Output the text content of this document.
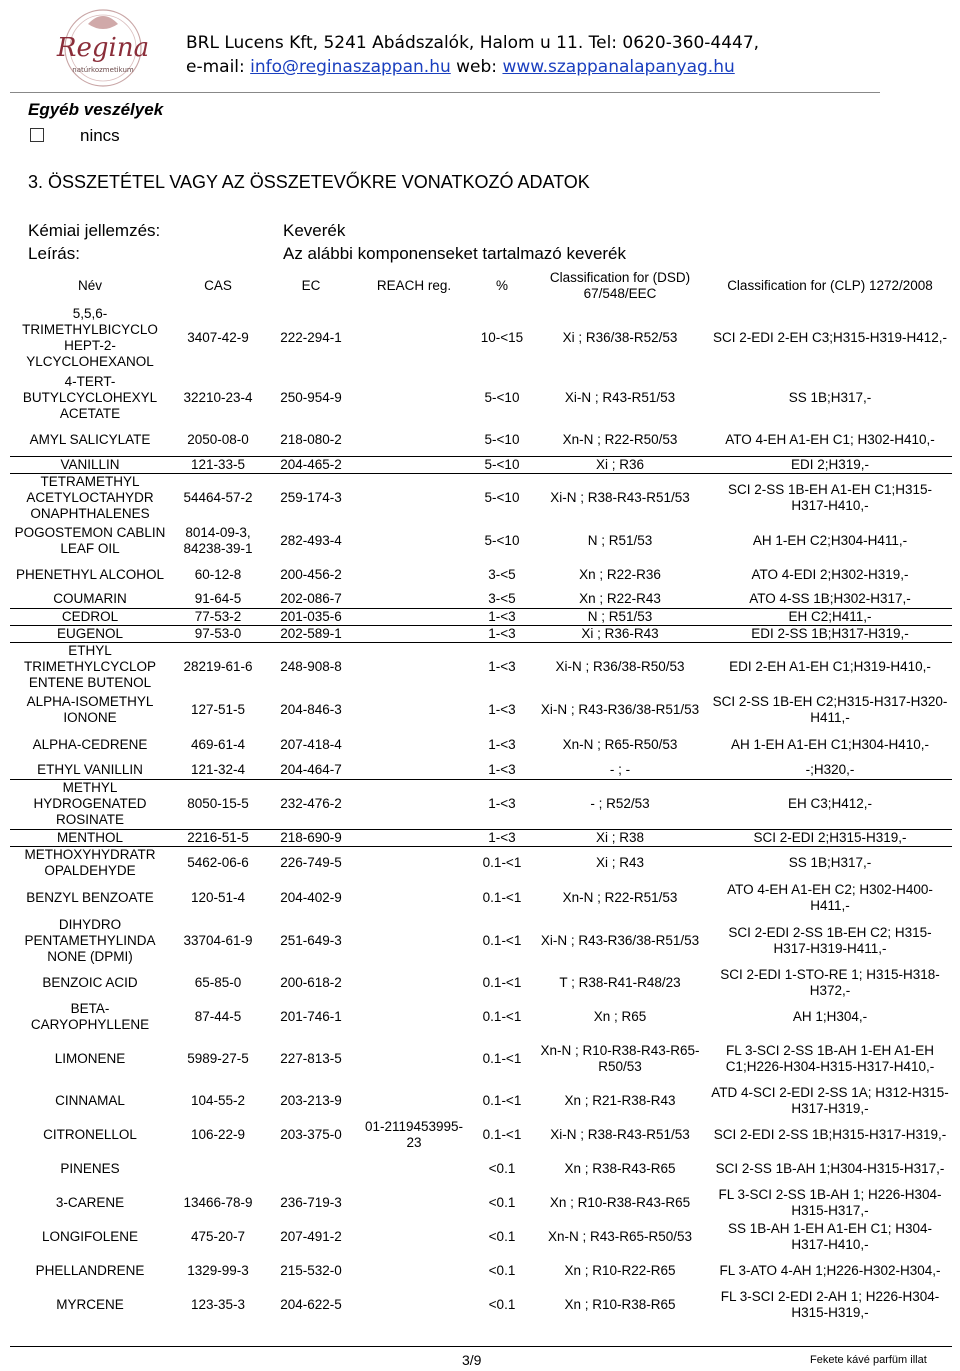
Regina
natúrkozmetikum
BRL Lucens Kft, 5241 Abádszalók, Halom u 11. Tel: 0620-360-4447,
e-mail: info@reginaszappan.hu web: www.szappanalapanyag.hu
Egyéb veszélyek
nincs
3. ÖSSZETÉTEL VAGY AZ ÖSSZETEVŐKRE VONATKOZÓ ADATOK
Kémiai jellemzés:	Keverék
Leírás:	Az alábbi komponenseket tartalmazó keverék
Név	CAS	EC	REACH reg.	%	Classification for (DSD) 67/548/EEC	Classification for (CLP) 1272/2008
5,5,6-TRIMETHYLBICYCLO HEPT-2-YLCYCLOHEXANOL	3407-42-9	222-294-1		10-<15	Xi ; R36/38-R52/53	SCI 2-EDI 2-EH C3;H315-H319-H412,-
4-TERT-BUTYLCYCLOHEXYL ACETATE	32210-23-4	250-954-9		5-<10	Xi-N ; R43-R51/53	SS 1B;H317,-
AMYL SALICYLATE	2050-08-0	218-080-2		5-<10	Xn-N ; R22-R50/53	ATO 4-EH A1-EH C1; H302-H410,-
VANILLIN	121-33-5	204-465-2		5-<10	Xi ; R36	EDI 2;H319,-
TETRAMETHYL ACETYLOCTAHYDR ONAPHTHALENES	54464-57-2	259-174-3		5-<10	Xi-N ; R38-R43-R51/53	SCI 2-SS 1B-EH A1-EH C1;H315-H317-H410,-
POGOSTEMON CABLIN LEAF OIL	8014-09-3, 84238-39-1	282-493-4		5-<10	N ; R51/53	AH 1-EH C2;H304-H411,-
PHENETHYL ALCOHOL	60-12-8	200-456-2		3-<5	Xn ; R22-R36	ATO 4-EDI 2;H302-H319,-
COUMARIN	91-64-5	202-086-7		3-<5	Xn ; R22-R43	ATO 4-SS 1B;H302-H317,-
CEDROL	77-53-2	201-035-6		1-<3	N ; R51/53	EH C2;H411,-
EUGENOL	97-53-0	202-589-1		1-<3	Xi ; R36-R43	EDI 2-SS 1B;H317-H319,-
ETHYL TRIMETHYLCYCLOP ENTENE BUTENOL	28219-61-6	248-908-8		1-<3	Xi-N ; R36/38-R50/53	EDI 2-EH A1-EH C1;H319-H410,-
ALPHA-ISOMETHYL IONONE	127-51-5	204-846-3		1-<3	Xi-N ; R43-R36/38-R51/53	SCI 2-SS 1B-EH C2;H315-H317-H320-H411,-
ALPHA-CEDRENE	469-61-4	207-418-4		1-<3	Xn-N ; R65-R50/53	AH 1-EH A1-EH C1;H304-H410,-
ETHYL VANILLIN	121-32-4	204-464-7		1-<3	- ; -	-;H320,-
METHYL HYDROGENATED ROSINATE	8050-15-5	232-476-2		1-<3	- ; R52/53	EH C3;H412,-
MENTHOL	2216-51-5	218-690-9		1-<3	Xi ; R38	SCI 2-EDI 2;H315-H319,-
METHOXYHYDRATR OPALDEHYDE	5462-06-6	226-749-5		0.1-<1	Xi ; R43	SS 1B;H317,-
BENZYL BENZOATE	120-51-4	204-402-9		0.1-<1	Xn-N ; R22-R51/53	ATO 4-EH A1-EH C2; H302-H400-H411,-
DIHYDRO PENTAMETHYLINDA NONE (DPMI)	33704-61-9	251-649-3		0.1-<1	Xi-N ; R43-R36/38-R51/53	SCI 2-EDI 2-SS 1B-EH C2; H315-H317-H319-H411,-
BENZOIC ACID	65-85-0	200-618-2		0.1-<1	T ; R38-R41-R48/23	SCI 2-EDI 1-STO-RE 1; H315-H318-H372,-
BETA-CARYOPHYLLENE	87-44-5	201-746-1		0.1-<1	Xn ; R65	AH 1;H304,-
LIMONENE	5989-27-5	227-813-5		0.1-<1	Xn-N ; R10-R38-R43-R65-R50/53	FL 3-SCI 2-SS 1B-AH 1-EH A1-EH C1;H226-H304-H315-H317-H410,-
CINNAMAL	104-55-2	203-213-9		0.1-<1	Xn ; R21-R38-R43	ATD 4-SCI 2-EDI 2-SS 1A; H312-H315-H317-H319,-
CITRONELLOL	106-22-9	203-375-0	01-2119453995-23	0.1-<1	Xi-N ; R38-R43-R51/53	SCI 2-EDI 2-SS 1B;H315-H317-H319,-
PINENES				<0.1	Xn ; R38-R43-R65	SCI 2-SS 1B-AH 1;H304-H315-H317,-
3-CARENE	13466-78-9	236-719-3		<0.1	Xn ; R10-R38-R43-R65	FL 3-SCI 2-SS 1B-AH 1; H226-H304-H315-H317,-
LONGIFOLENE	475-20-7	207-491-2		<0.1	Xn-N ; R43-R65-R50/53	SS 1B-AH 1-EH A1-EH C1; H304-H317-H410,-
PHELLANDRENE	1329-99-3	215-532-0		<0.1	Xn ; R10-R22-R65	FL 3-ATO 4-AH 1;H226-H302-H304,-
MYRCENE	123-35-3	204-622-5		<0.1	Xn ; R10-R38-R65	FL 3-SCI 2-EDI 2-AH 1; H226-H304-H315-H319,-
3/9	Fekete kávé parfüm illat
